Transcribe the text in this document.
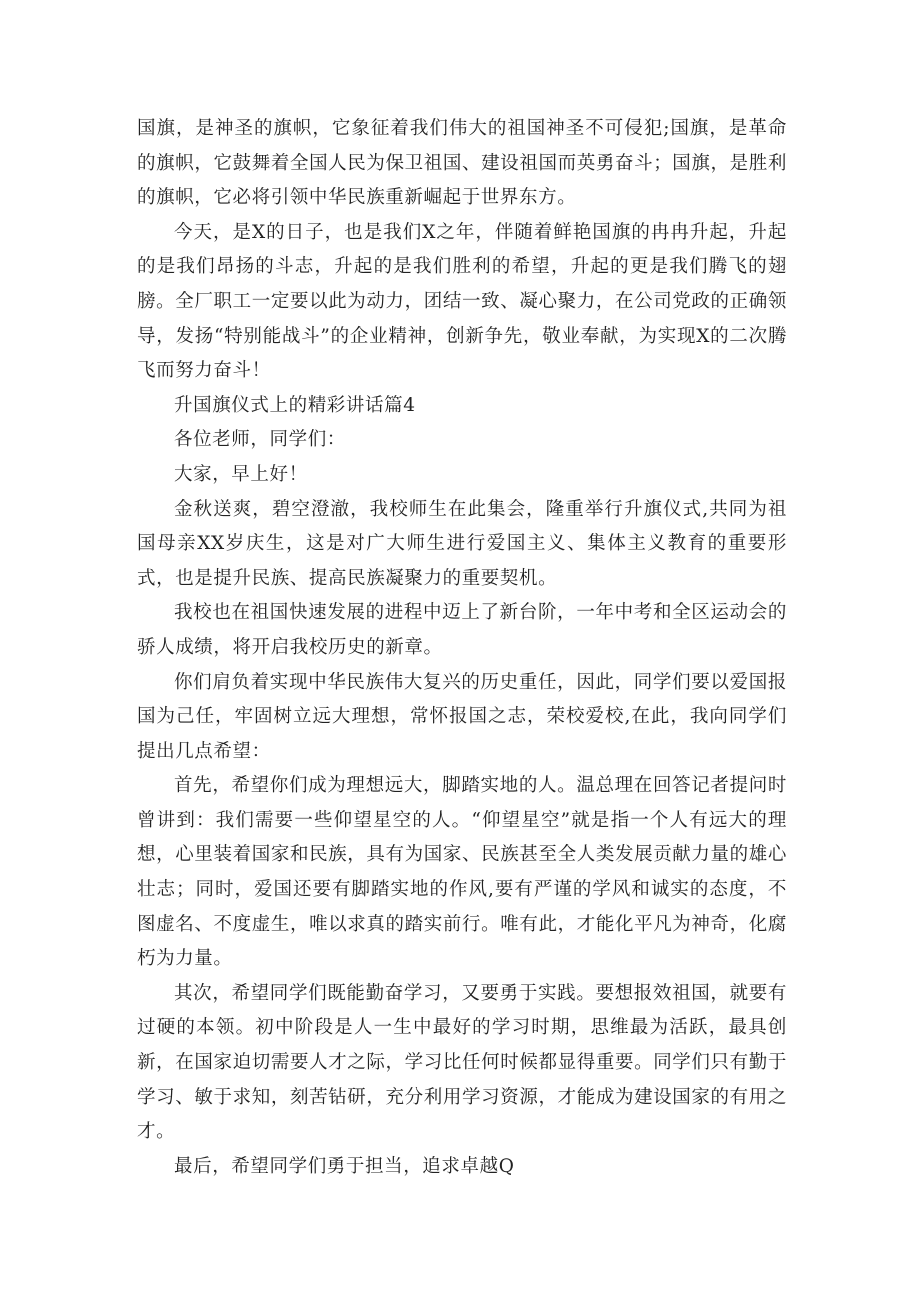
国旗，是神圣的旗帜，它象征着我们伟大的祖国神圣不可侵犯;国旗，是革命的旗帜，它鼓舞着全国人民为保卫祖国、建设祖国而英勇奋斗；国旗，是胜利的旗帜，它必将引领中华民族重新崛起于世界东方。

今天，是X的日子，也是我们X之年，伴随着鲜艳国旗的冉冉升起，升起的是我们昂扬的斗志，升起的是我们胜利的希望，升起的更是我们腾飞的翅膀。全厂职工一定要以此为动力，团结一致、凝心聚力，在公司党政的正确领导，发扬“特别能战斗”的企业精神，创新争先，敬业奉献，为实现X的二次腾飞而努力奋斗！

升国旗仪式上的精彩讲话篇4

各位老师，同学们：

大家，早上好！

金秋送爽，碧空澄澈，我校师生在此集会，隆重举行升旗仪式,共同为祖国母亲XX岁庆生，这是对广大师生进行爱国主义、集体主义教育的重要形式，也是提升民族、提高民族凝聚力的重要契机。

我校也在祖国快速发展的进程中迈上了新台阶，一年中考和全区运动会的骄人成绩，将开启我校历史的新章。

你们肩负着实现中华民族伟大复兴的历史重任，因此，同学们要以爱国报国为己任，牢固树立远大理想，常怀报国之志，荣校爱校,在此，我向同学们提出几点希望：

首先，希望你们成为理想远大，脚踏实地的人。温总理在回答记者提问时曾讲到：我们需要一些仰望星空的人。“仰望星空”就是指一个人有远大的理想，心里装着国家和民族，具有为国家、民族甚至全人类发展贡献力量的雄心壮志；同时，爱国还要有脚踏实地的作风,要有严谨的学风和诚实的态度，不图虚名、不度虚生，唯以求真的踏实前行。唯有此，才能化平凡为神奇，化腐朽为力量。

其次，希望同学们既能勤奋学习，又要勇于实践。要想报效祖国，就要有过硬的本领。初中阶段是人一生中最好的学习时期，思维最为活跃，最具创新，在国家迫切需要人才之际，学习比任何时候都显得重要。同学们只有勤于学习、敏于求知，刻苦钻研，充分利用学习资源，才能成为建设国家的有用之才。

最后，希望同学们勇于担当，追求卓越Q
